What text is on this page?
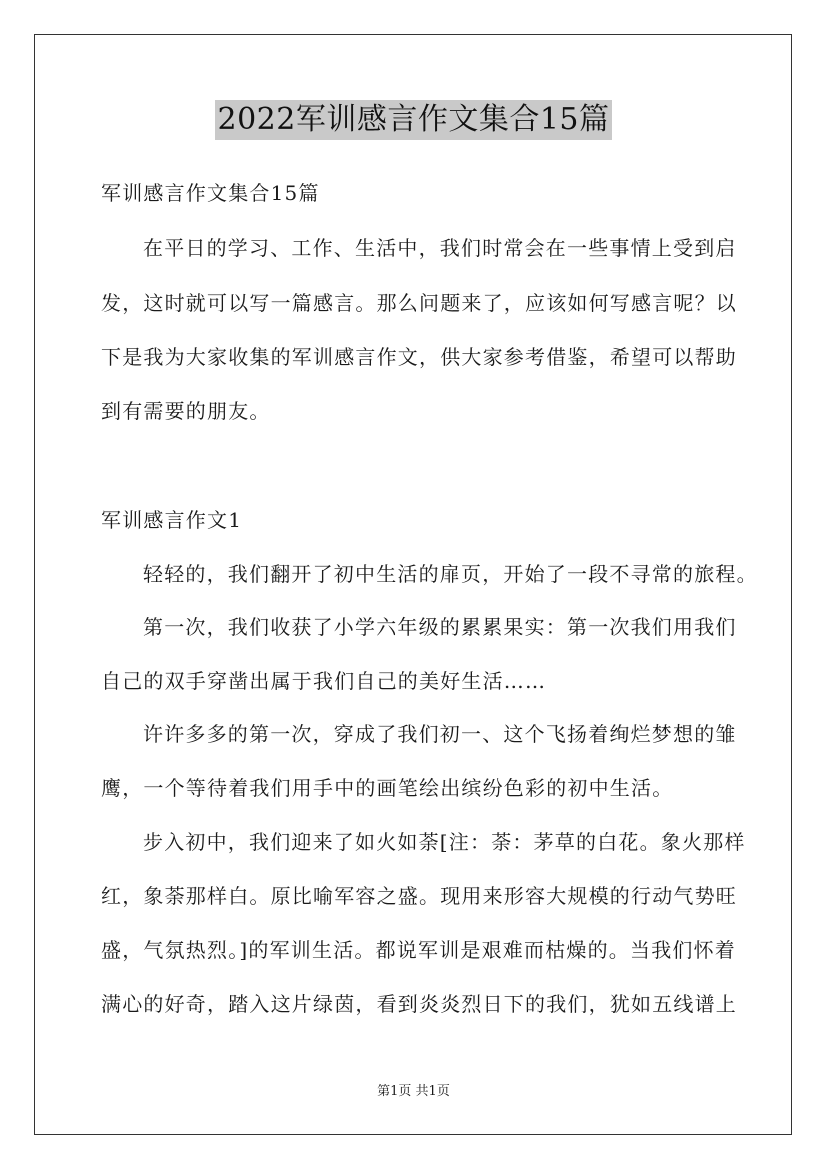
2022军训感言作文集合15篇
军训感言作文集合15篇
在平日的学习、工作、生活中，我们时常会在一些事情上受到启
发，这时就可以写一篇感言。那么问题来了，应该如何写感言呢？以
下是我为大家收集的军训感言作文，供大家参考借鉴，希望可以帮助
到有需要的朋友。
军训感言作文1
轻轻的，我们翻开了初中生活的扉页，开始了一段不寻常的旅程。
第一次，我们收获了小学六年级的累累果实：第一次我们用我们
自己的双手穿凿出属于我们自己的美好生活……
许许多多的第一次，穿成了我们初一、这个飞扬着绚烂梦想的雏
鹰，一个等待着我们用手中的画笔绘出缤纷色彩的初中生活。
步入初中，我们迎来了如火如荼[注：荼：茅草的白花。象火那样
红，象荼那样白。原比喻军容之盛。现用来形容大规模的行动气势旺
盛，气氛热烈。]的军训生活。都说军训是艰难而枯燥的。当我们怀着
满心的好奇，踏入这片绿茵，看到炎炎烈日下的我们，犹如五线谱上
第1页 共1页
